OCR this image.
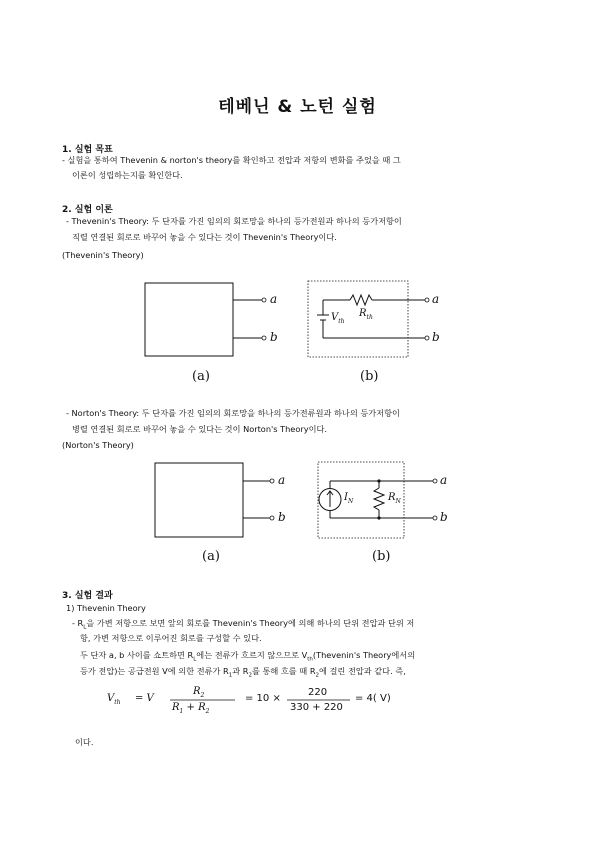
테베닌 & 노턴 실험
1. 실험 목표
- 실험을 통하여 Thevenin & norton's theory를 확인하고 전압과 저항의 변화를 주었을 때 그
이론이 성립하는지를 확인한다.
2. 실험 이론
- Thevenin's Theory: 두 단자를 가진 임의의 회로망을 하나의 등가전원과 하나의 등가저항이
직렬 연결된 회로로 바꾸어 놓을 수 있다는 것이 Thevenin's Theory이다.
(Thevenin's Theory)
a
b
a
b
$V_{th}$
$R_{th}$
(a)	(b)
- Norton's Theory: 두 단자를 가진 임의의 회로망을 하나의 등가전류원과 하나의 등가저항이
병렬 연결된 회로로 바꾸어 놓을 수 있다는 것이 Norton's Theory이다.
(Norton's Theory)
a
b
a
b
$I_N$	$R_N$
(a)	(b)
3. 실험 결과
1) Thevenin Theory
- $R_L$을 가변 저항으로 보면 앞의 회로를 Thevenin's Theory에 의해 하나의 단위 전압과 단위 저
항, 가변 저항으로 이루어진 회로를 구성할 수 있다.
두 단자 a, b 사이를 쇼트하면 $R_L$에는 전류가 흐르지 않으므로 $V_{th}(Thevenin's$ Theory에서의
등가 전압)는 공급전원 V에 의한 전류가 $R_1$과 $R_2$를 통해 흐를 때 $R_2$에 걸린 전압과 같다. 즉,
$V_{th} = V$
$R_2$
$R_1 + R_2$
= 10 ×
220
330 + 220
= 4( V)
이다.
